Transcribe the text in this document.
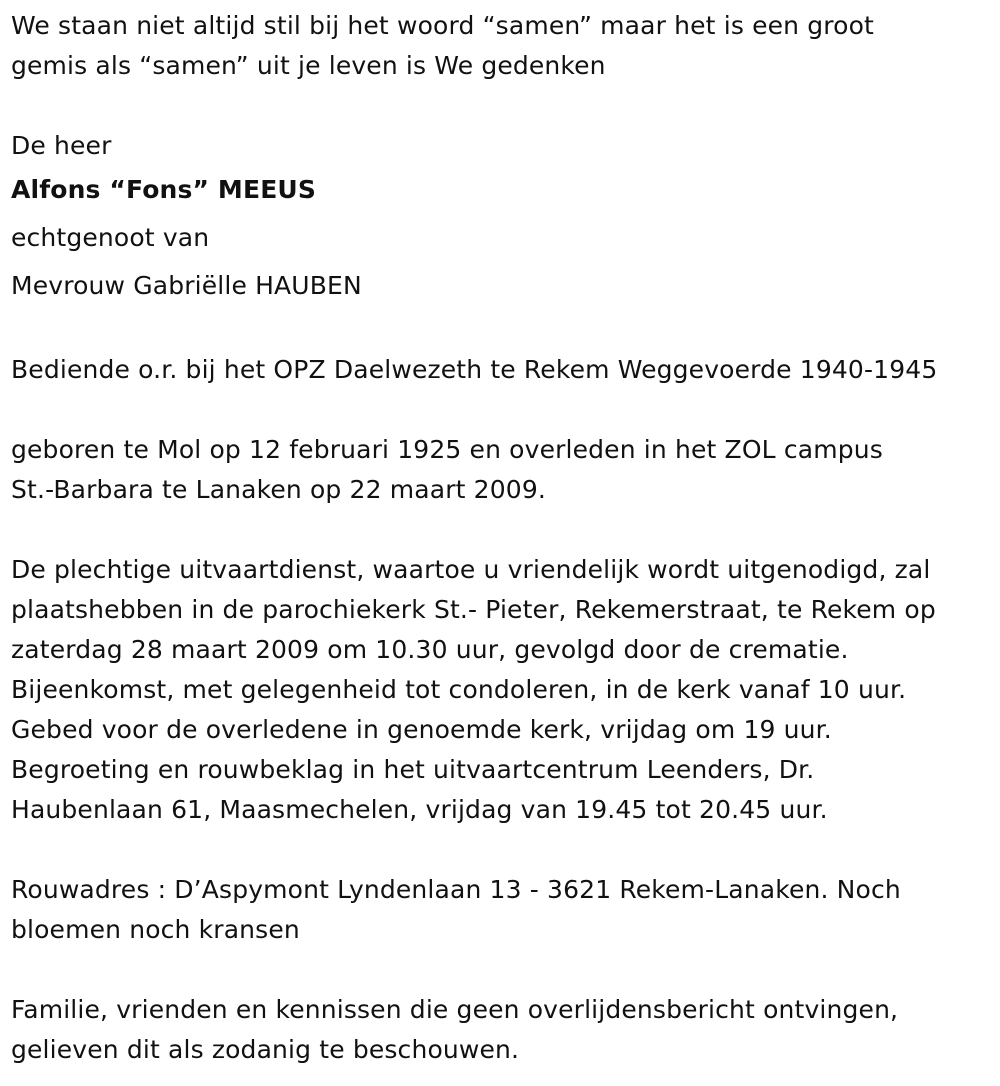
We staan niet altijd stil bij het woord “samen” maar het is een groot

gemis als “samen” uit je leven is We gedenken

De heer

Alfons “Fons” MEEUS

echtgenoot van

Mevrouw Gabriëlle HAUBEN

Bediende o.r. bij het OPZ Daelwezeth te Rekem Weggevoerde 1940-1945

geboren te Mol op 12 februari 1925 en overleden in het ZOL campus

St.-Barbara te Lanaken op 22 maart 2009.

De plechtige uitvaartdienst, waartoe u vriendelijk wordt uitgenodigd, zal

plaatshebben in de parochiekerk St.- Pieter, Rekemerstraat, te Rekem op

zaterdag 28 maart 2009 om 10.30 uur, gevolgd door de crematie.

Bijeenkomst, met gelegenheid tot condoleren, in de kerk vanaf 10 uur.

Gebed voor de overledene in genoemde kerk, vrijdag om 19 uur.

Begroeting en rouwbeklag in het uitvaartcentrum Leenders, Dr.

Haubenlaan 61, Maasmechelen, vrijdag van 19.45 tot 20.45 uur.

Rouwadres : D’Aspymont Lyndenlaan 13 - 3621 Rekem-Lanaken. Noch

bloemen noch kransen

Familie, vrienden en kennissen die geen overlijdensbericht ontvingen,

gelieven dit als zodanig te beschouwen.
